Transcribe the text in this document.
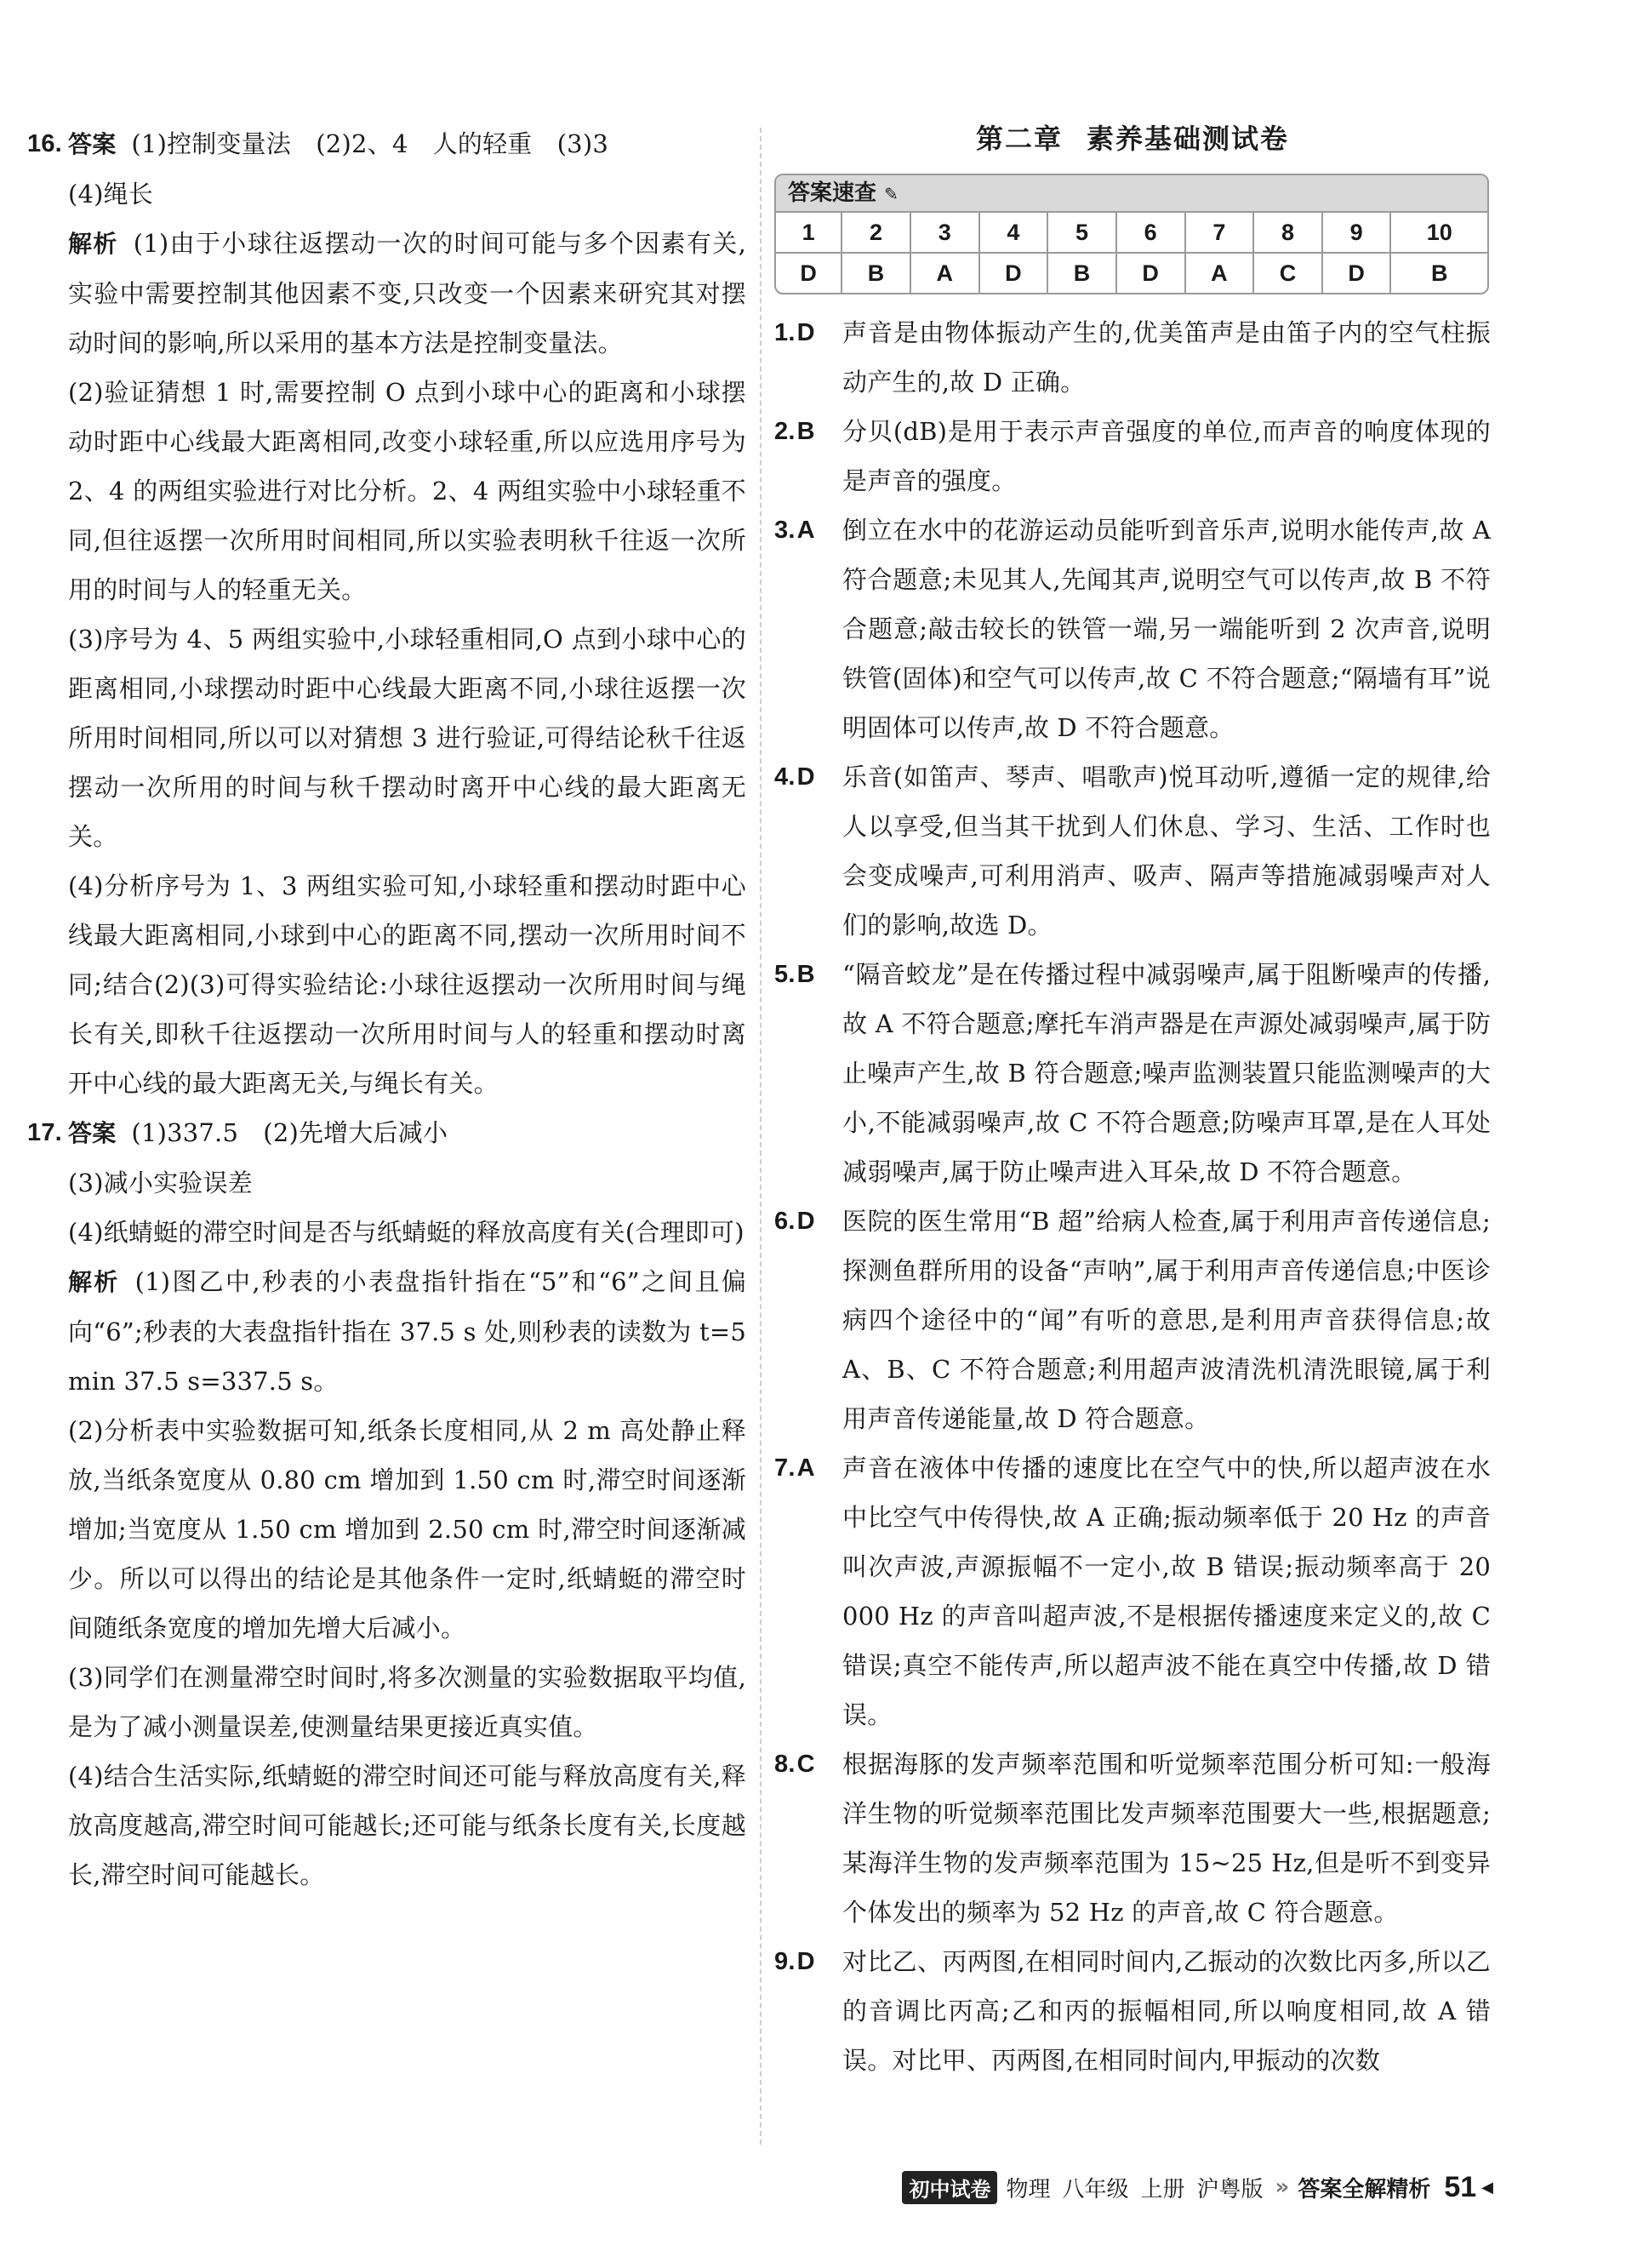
16. 答案 (1)控制变量法　(2)2、4　人的轻重　(3)3
(4)绳长
解析 (1)由于小球往返摆动一次的时间可能与多个因素有关,实验中需要控制其他因素不变,只改变一个因素来研究其对摆动时间的影响,所以采用的基本方法是控制变量法。
(2)验证猜想 1 时,需要控制 O 点到小球中心的距离和小球摆动时距中心线最大距离相同,改变小球轻重,所以应选用序号为 2、4 的两组实验进行对比分析。2、4 两组实验中小球轻重不同,但往返摆一次所用时间相同,所以实验表明秋千往返一次所用的时间与人的轻重无关。
(3)序号为 4、5 两组实验中,小球轻重相同,O 点到小球中心的距离相同,小球摆动时距中心线最大距离不同,小球往返摆一次所用时间相同,所以可以对猜想 3 进行验证,可得结论秋千往返摆动一次所用的时间与秋千摆动时离开中心线的最大距离无关。
(4)分析序号为 1、3 两组实验可知,小球轻重和摆动时距中心线最大距离相同,小球到中心的距离不同,摆动一次所用时间不同;结合(2)(3)可得实验结论:小球往返摆动一次所用时间与绳长有关,即秋千往返摆动一次所用时间与人的轻重和摆动时离开中心线的最大距离无关,与绳长有关。
17. 答案 (1)337.5　(2)先增大后减小
(3)减小实验误差
(4)纸蜻蜓的滞空时间是否与纸蜻蜓的释放高度有关(合理即可)
解析 (1)图乙中,秒表的小表盘指针指在“5”和“6”之间且偏向“6”;秒表的大表盘指针指在 37.5 s 处,则秒表的读数为 t=5 min 37.5 s=337.5 s。
(2)分析表中实验数据可知,纸条长度相同,从 2 m 高处静止释放,当纸条宽度从 0.80 cm 增加到 1.50 cm 时,滞空时间逐渐增加;当宽度从 1.50 cm 增加到 2.50 cm 时,滞空时间逐渐减少。所以可以得出的结论是其他条件一定时,纸蜻蜓的滞空时间随纸条宽度的增加先增大后减小。
(3)同学们在测量滞空时间时,将多次测量的实验数据取平均值,是为了减小测量误差,使测量结果更接近真实值。
(4)结合生活实际,纸蜻蜓的滞空时间还可能与释放高度有关,释放高度越高,滞空时间可能越长;还可能与纸条长度有关,长度越长,滞空时间可能越长。
第二章 素养基础测试卷
答案速查 ✎
1	2	3	4	5	6	7	8	9	10
D	B	A	D	B	D	A	C	D	B
1.D	声音是由物体振动产生的,优美笛声是由笛子内的空气柱振动产生的,故 D 正确。
2.B	分贝(dB)是用于表示声音强度的单位,而声音的响度体现的是声音的强度。
3.A	倒立在水中的花游运动员能听到音乐声,说明水能传声,故 A 符合题意;未见其人,先闻其声,说明空气可以传声,故 B 不符合题意;敲击较长的铁管一端,另一端能听到 2 次声音,说明铁管(固体)和空气可以传声,故 C 不符合题意;“隔墙有耳”说明固体可以传声,故 D 不符合题意。
4.D	乐音(如笛声、琴声、唱歌声)悦耳动听,遵循一定的规律,给人以享受,但当其干扰到人们休息、学习、生活、工作时也会变成噪声,可利用消声、吸声、隔声等措施减弱噪声对人们的影响,故选 D。
5.B	“隔音蛟龙”是在传播过程中减弱噪声,属于阻断噪声的传播,故 A 不符合题意;摩托车消声器是在声源处减弱噪声,属于防止噪声产生,故 B 符合题意;噪声监测装置只能监测噪声的大小,不能减弱噪声,故 C 不符合题意;防噪声耳罩,是在人耳处减弱噪声,属于防止噪声进入耳朵,故 D 不符合题意。
6.D	医院的医生常用“B 超”给病人检查,属于利用声音传递信息;探测鱼群所用的设备“声呐”,属于利用声音传递信息;中医诊病四个途径中的“闻”有听的意思,是利用声音获得信息;故 A、B、C 不符合题意;利用超声波清洗机清洗眼镜,属于利用声音传递能量,故 D 符合题意。
7.A	声音在液体中传播的速度比在空气中的快,所以超声波在水中比空气中传得快,故 A 正确;振动频率低于 20 Hz 的声音叫次声波,声源振幅不一定小,故 B 错误;振动频率高于 20 000 Hz 的声音叫超声波,不是根据传播速度来定义的,故 C 错误;真空不能传声,所以超声波不能在真空中传播,故 D 错误。
8.C	根据海豚的发声频率范围和听觉频率范围分析可知:一般海洋生物的听觉频率范围比发声频率范围要大一些,根据题意;某海洋生物的发声频率范围为 15~25 Hz,但是听不到变异个体发出的频率为 52 Hz 的声音,故 C 符合题意。
9.D	对比乙、丙两图,在相同时间内,乙振动的次数比丙多,所以乙的音调比丙高;乙和丙的振幅相同,所以响度相同,故 A 错误。对比甲、丙两图,在相同时间内,甲振动的次数
初中试卷 物理 八年级 上册 沪粤版 » 答案全解精析 51 ◀
